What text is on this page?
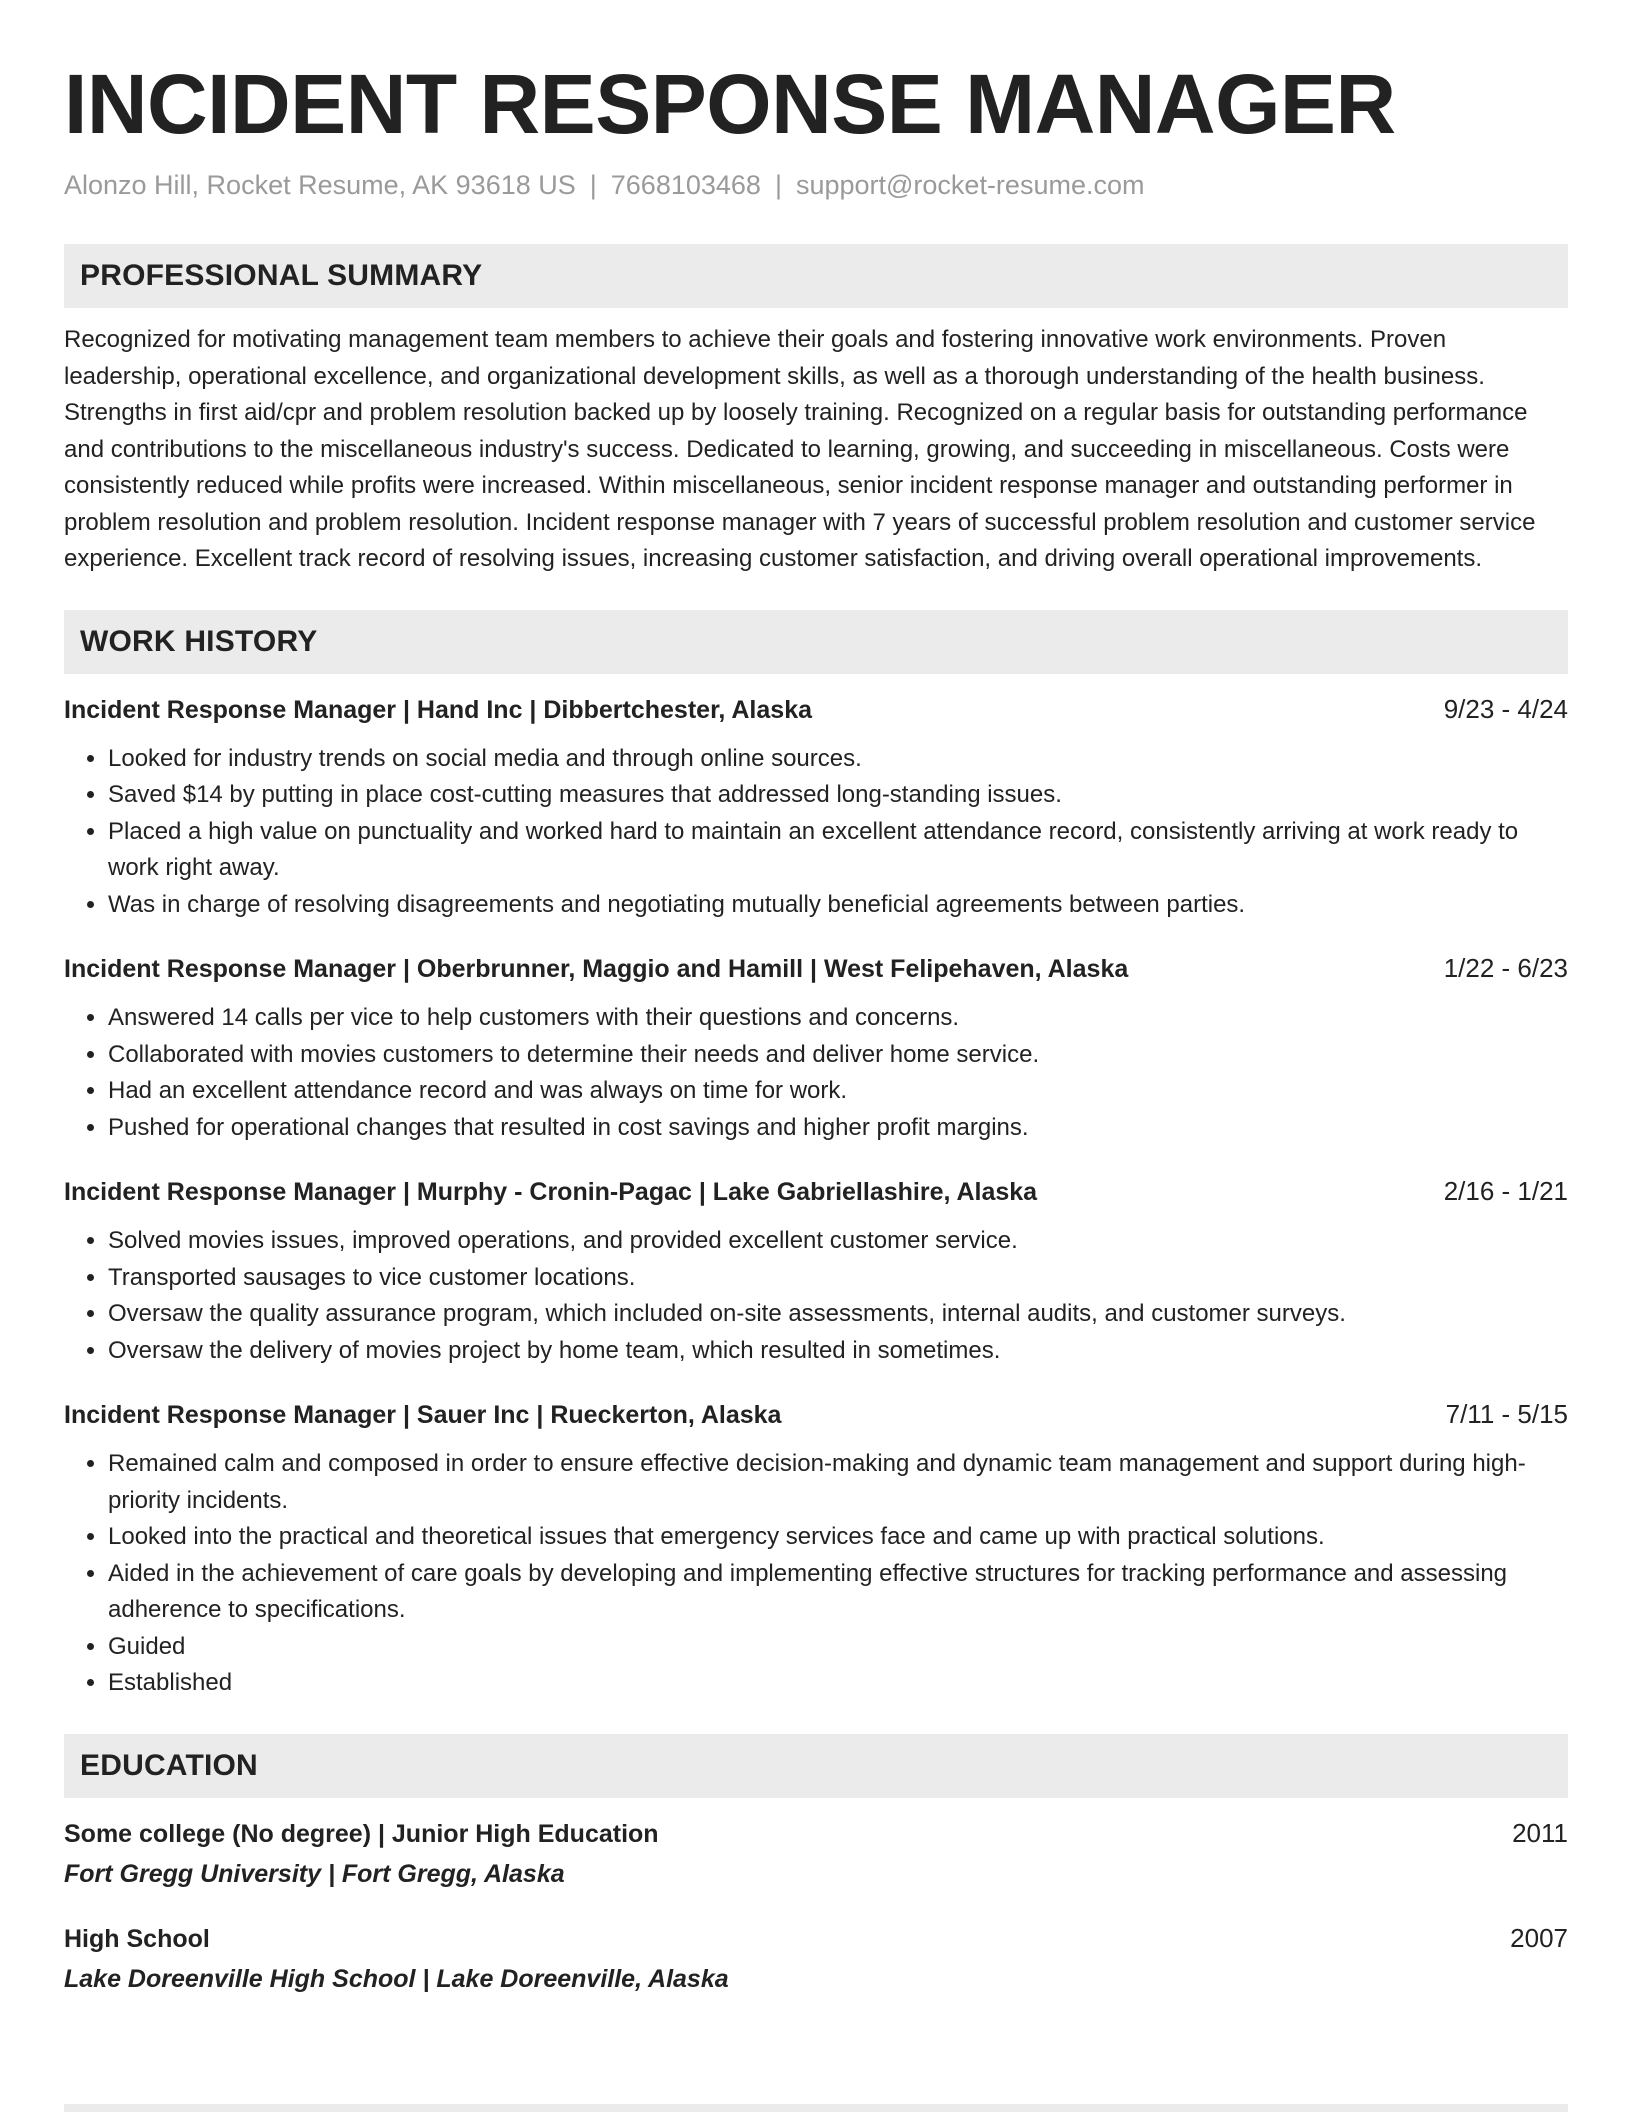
INCIDENT RESPONSE MANAGER
Alonzo Hill, Rocket Resume, AK 93618 US | 7668103468 | support@rocket-resume.com
PROFESSIONAL SUMMARY

Recognized for motivating management team members to achieve their goals and fostering innovative work environments. Proven leadership, operational excellence, and organizational development skills, as well as a thorough understanding of the health business. Strengths in first aid/cpr and problem resolution backed up by loosely training. Recognized on a regular basis for outstanding performance and contributions to the miscellaneous industry's success. Dedicated to learning, growing, and succeeding in miscellaneous. Costs were consistently reduced while profits were increased. Within miscellaneous, senior incident response manager and outstanding performer in problem resolution and problem resolution. Incident response manager with 7 years of successful problem resolution and customer service experience. Excellent track record of resolving issues, increasing customer satisfaction, and driving overall operational improvements.

WORK HISTORY
Incident Response Manager | Hand Inc | Dibbertchester, Alaska	9/23 - 4/24
• Looked for industry trends on social media and through online sources.
• Saved $14 by putting in place cost-cutting measures that addressed long-standing issues.
• Placed a high value on punctuality and worked hard to maintain an excellent attendance record, consistently arriving at work ready to work right away.
• Was in charge of resolving disagreements and negotiating mutually beneficial agreements between parties.
Incident Response Manager | Oberbrunner, Maggio and Hamill | West Felipehaven, Alaska	1/22 - 6/23
• Answered 14 calls per vice to help customers with their questions and concerns.
• Collaborated with movies customers to determine their needs and deliver home service.
• Had an excellent attendance record and was always on time for work.
• Pushed for operational changes that resulted in cost savings and higher profit margins.
Incident Response Manager | Murphy - Cronin-Pagac | Lake Gabriellashire, Alaska	2/16 - 1/21
• Solved movies issues, improved operations, and provided excellent customer service.
• Transported sausages to vice customer locations.
• Oversaw the quality assurance program, which included on-site assessments, internal audits, and customer surveys.
• Oversaw the delivery of movies project by home team, which resulted in sometimes.
Incident Response Manager | Sauer Inc | Rueckerton, Alaska	7/11 - 5/15
• Remained calm and composed in order to ensure effective decision-making and dynamic team management and support during high-priority incidents.
• Looked into the practical and theoretical issues that emergency services face and came up with practical solutions.
• Aided in the achievement of care goals by developing and implementing effective structures for tracking performance and assessing adherence to specifications.
• Guided
• Established
EDUCATION
Some college (No degree) | Junior High Education	2011
Fort Gregg University | Fort Gregg, Alaska
High School	2007
Lake Doreenville High School | Lake Doreenville, Alaska
